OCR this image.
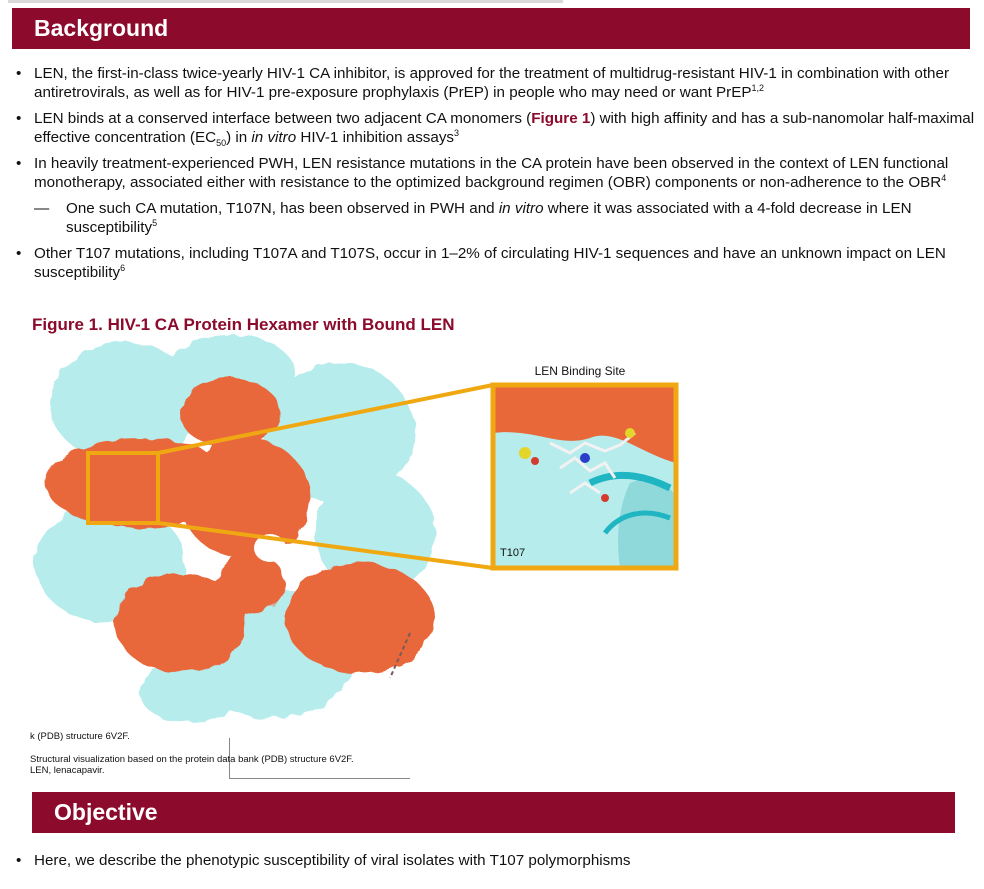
Background
• LEN, the first-in-class twice-yearly HIV-1 CA inhibitor, is approved for the treatment of multidrug-resistant HIV-1 in combination with other antiretrovirals, as well as for HIV-1 pre-exposure prophylaxis (PrEP) in people who may need or want PrEP$^{1,2}$
• LEN binds at a conserved interface between two adjacent CA monomers (Figure 1) with high affinity and has a sub-nanomolar half-maximal effective concentration $(EC_{50})$ in in vitro HIV-1 inhibition assays$^3$
• In heavily treatment-experienced PWH, LEN resistance mutations in the CA protein have been observed in the context of LEN functional monotherapy, associated either with resistance to the optimized background regimen (OBR) components or non-adherence to the OBR$^4$
— One such CA mutation, T107N, has been observed in PWH and in vitro where it was associated with a 4-fold decrease in LEN susceptibility$^5$
• Other T107 mutations, including T107A and T107S, occur in 1–2% of circulating HIV-1 sequences and have an unknown impact on LEN susceptibility$^6$

Figure 1. HIV-1 CA Protein Hexamer with Bound LEN

LEN Binding Site
T107
k (PDB) structure 6V2F.
Structural visualization based on the protein data bank (PDB) structure 6V2F.
LEN, lenacapavir.
Objective
• Here, we describe the phenotypic susceptibility of viral isolates with T107 polymorphisms
